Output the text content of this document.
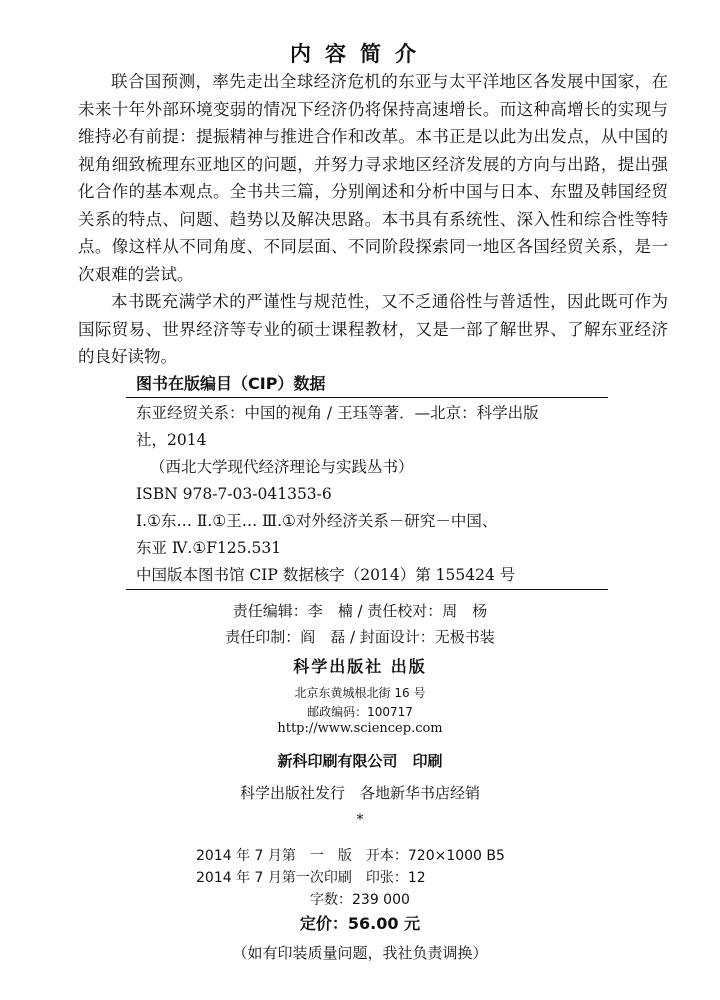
内容简介

联合国预测，率先走出全球经济危机的东亚与太平洋地区各发展中国家，在未来十年外部环境变弱的情况下经济仍将保持高速增长。而这种高增长的实现与维持必有前提：提振精神与推进合作和改革。本书正是以此为出发点，从中国的视角细致梳理东亚地区的问题，并努力寻求地区经济发展的方向与出路，提出强化合作的基本观点。全书共三篇，分别阐述和分析中国与日本、东盟及韩国经贸关系的特点、问题、趋势以及解决思路。本书具有系统性、深入性和综合性等特点。像这样从不同角度、不同层面、不同阶段探索同一地区各国经贸关系，是一次艰难的尝试。

本书既充满学术的严谨性与规范性，又不乏通俗性与普适性，因此既可作为国际贸易、世界经济等专业的硕士课程教材，又是一部了解世界、了解东亚经济的良好读物。

图书在版编目（CIP）数据
东亚经贸关系：中国的视角 / 王珏等著．—北京：科学出版
社，2014
（西北大学现代经济理论与实践丛书）
ISBN 978-7-03-041353-6
Ⅰ.①东… Ⅱ.①王… Ⅲ.①对外经济关系－研究－中国、
东亚 Ⅳ.①F125.531
中国版本图书馆 CIP 数据核字（2014）第 155424 号
责任编辑：李　楠 / 责任校对：周　杨
责任印制：阎　磊 / 封面设计：无极书装
科学出版社 出版
北京东黄城根北街 16 号
邮政编码：100717
http://www.sciencep.com
新科印刷有限公司　印刷
科学出版社发行　各地新华书店经销
*
2014 年 7 月第　一　版　开本：720×1000 B5
2014 年 7 月第一次印刷　印张：12
字数：239 000
定价：56.00 元
（如有印装质量问题，我社负责调换）
